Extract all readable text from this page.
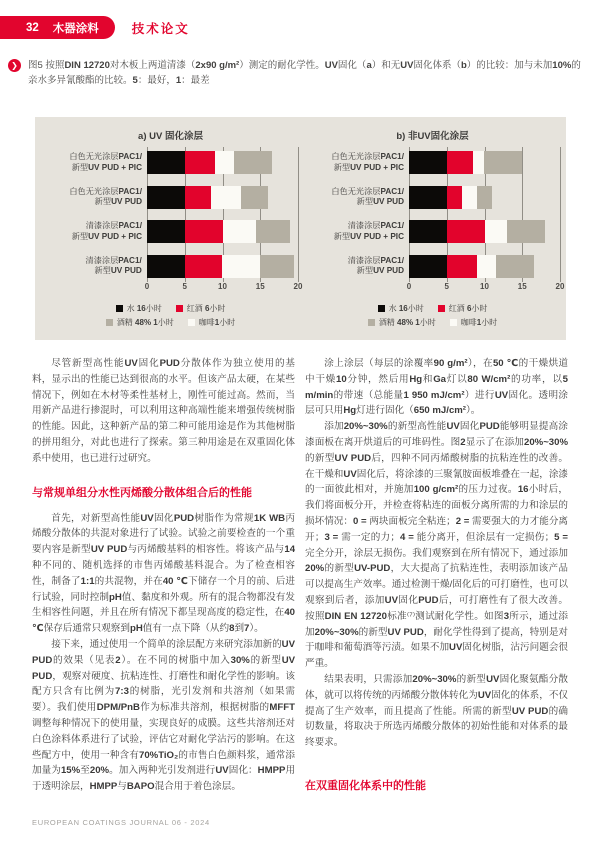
32 木器涂料	技术论文
❯	图5 按照DIN 12720对木板上两道清漆（2x90 g/m²）测定的耐化学性。UV固化（a）和无UV固化体系（b）的比较：加与未加10%的亲水多异氰酸酯的比较。5：最好，1：最差
a) UV 固化涂层
白色无光涂层PAC1/
新型UV PUD + PIC
白色无光涂层PAC1/
新型UV PUD
清漆涂层PAC1/
新型UV PUD + PIC
清漆涂层PAC1/
新型UV PUD
0	5	10	15	20
水 16小时	红酒 6小时
酒精 48% 1小时	咖啡1小时
b) 非UV固化涂层
白色无光涂层PAC1/
新型UV PUD + PIC
白色无光涂层PAC1/
新型UV PUD
清漆涂层PAC1/
新型UV PUD + PIC
清漆涂层PAC1/
新型UV PUD
0	5	10	15	20
水 16小时	红酒 6小时
酒精 48% 1小时	咖啡1小时

尽管新型高性能UV固化PUD分散体作为独立使用的基料，显示出的性能已达到很高的水平。但该产品太硬，在某些情况下，例如在木材等柔性基材上，刚性可能过高。然而，当用新产品进行掺混时，可以利用这种高端性能来增强传统树脂的性能。因此，这种新产品的第二种可能用途是作为其他树脂的拼用组分，对此也进行了探索。第三种用途是在双重固化体系中使用，也已进行过研究。

与常规单组分水性丙烯酸分散体组合后的性能

首先，对新型高性能UV固化PUD树脂作为常规1K WB丙烯酸分散体的共混对象进行了试验。试验之前要检查的一个重要内容是新型UV PUD与丙烯酸基料的相容性。将该产品与14种不同的、随机选择的市售丙烯酸基料混合。为了检查相容性，制备了1:1的共混物，并在40 ℃下储存一个月的前、后进行试验，同时控制pH值、黏度和外观。所有的混合物都没有发生相容性问题，并且在所有情况下都呈现高度的稳定性，在40 ℃保存后通常只观察到pH值有一点下降（从约8到7）。

接下来，通过使用一个简单的涂层配方来研究添加新的UV PUD的效果（见表2）。在不同的树脂中加入30%的新型UV PUD，观察对硬度、抗粘连性、打磨性和耐化学性的影响。该配方只含有比例为7:3的树脂，光引发剂和共溶剂（如果需要）。我们使用DPM/PnB作为标准共溶剂，根据树脂的MFFT调整每种情况下的使用量，实现良好的成膜。这些共溶剂还对白色涂料体系进行了试验，评估它对耐化学沾污的影响。在这些配方中，使用一种含有70%TiO₂的市售白色颜料浆，通常添加量为15%至20%。加入两种光引发剂进行UV固化：HMPP用于透明涂层，HMPP与BAPO混合用于着色涂层。

涂上涂层（每层的涂覆率90 g/m²），在50 ℃的干燥烘道中干燥10分钟，然后用Hg和Ga灯以80 W/cm²的功率，以5 m/min的带速（总能量1 950 mJ/cm²）进行UV固化。透明涂层可只用Hg灯进行固化（650 mJ/cm²）。

添加20%~30%的新型高性能UV固化PUD能够明显提高涂漆面板在离开烘道后的可堆码性。图2显示了在添加20%~30%的新型UV PUD后，四种不同丙烯酸树脂的抗粘连性的改善。在干燥和UV固化后，将涂漆的三聚氰胺面板堆叠在一起，涂漆的一面彼此相对，并施加100 g/cm²的压力过夜。16小时后，我们将面板分开，并检查将粘连的面板分离所需的力和涂层的损坏情况：0 = 两块面板完全粘连；2 = 需要强大的力才能分离开；3 = 需一定的力；4 = 能分离开，但涂层有一定损伤；5 = 完全分开，涂层无损伤。我们观察到在所有情况下，通过添加20%的新型UV-PUD，大大提高了抗粘连性，表明添加该产品可以提高生产效率。通过检测干燥/固化后的可打磨性，也可以观察到后者，添加UV固化PUD后，可打磨性有了很大改善。按照DIN EN 12720标准⁽⁷⁾测试耐化学性。如图3所示，通过添加20%~30%的新型UV PUD，耐化学性得到了提高，特别是对于咖啡和葡萄酒等污渍。如果不加UV固化树脂，沾污问题会很严重。

结果表明，只需添加20%~30%的新型UV固化聚氨酯分散体，就可以将传统的丙烯酸分散体转化为UV固化的体系，不仅提高了生产效率，而且提高了性能。所需的新型UV PUD的确切数量，将取决于所选丙烯酸分散体的初始性能和对体系的最终要求。

在双重固化体系中的性能
EUROPEAN COATINGS JOURNAL 06 - 2024
